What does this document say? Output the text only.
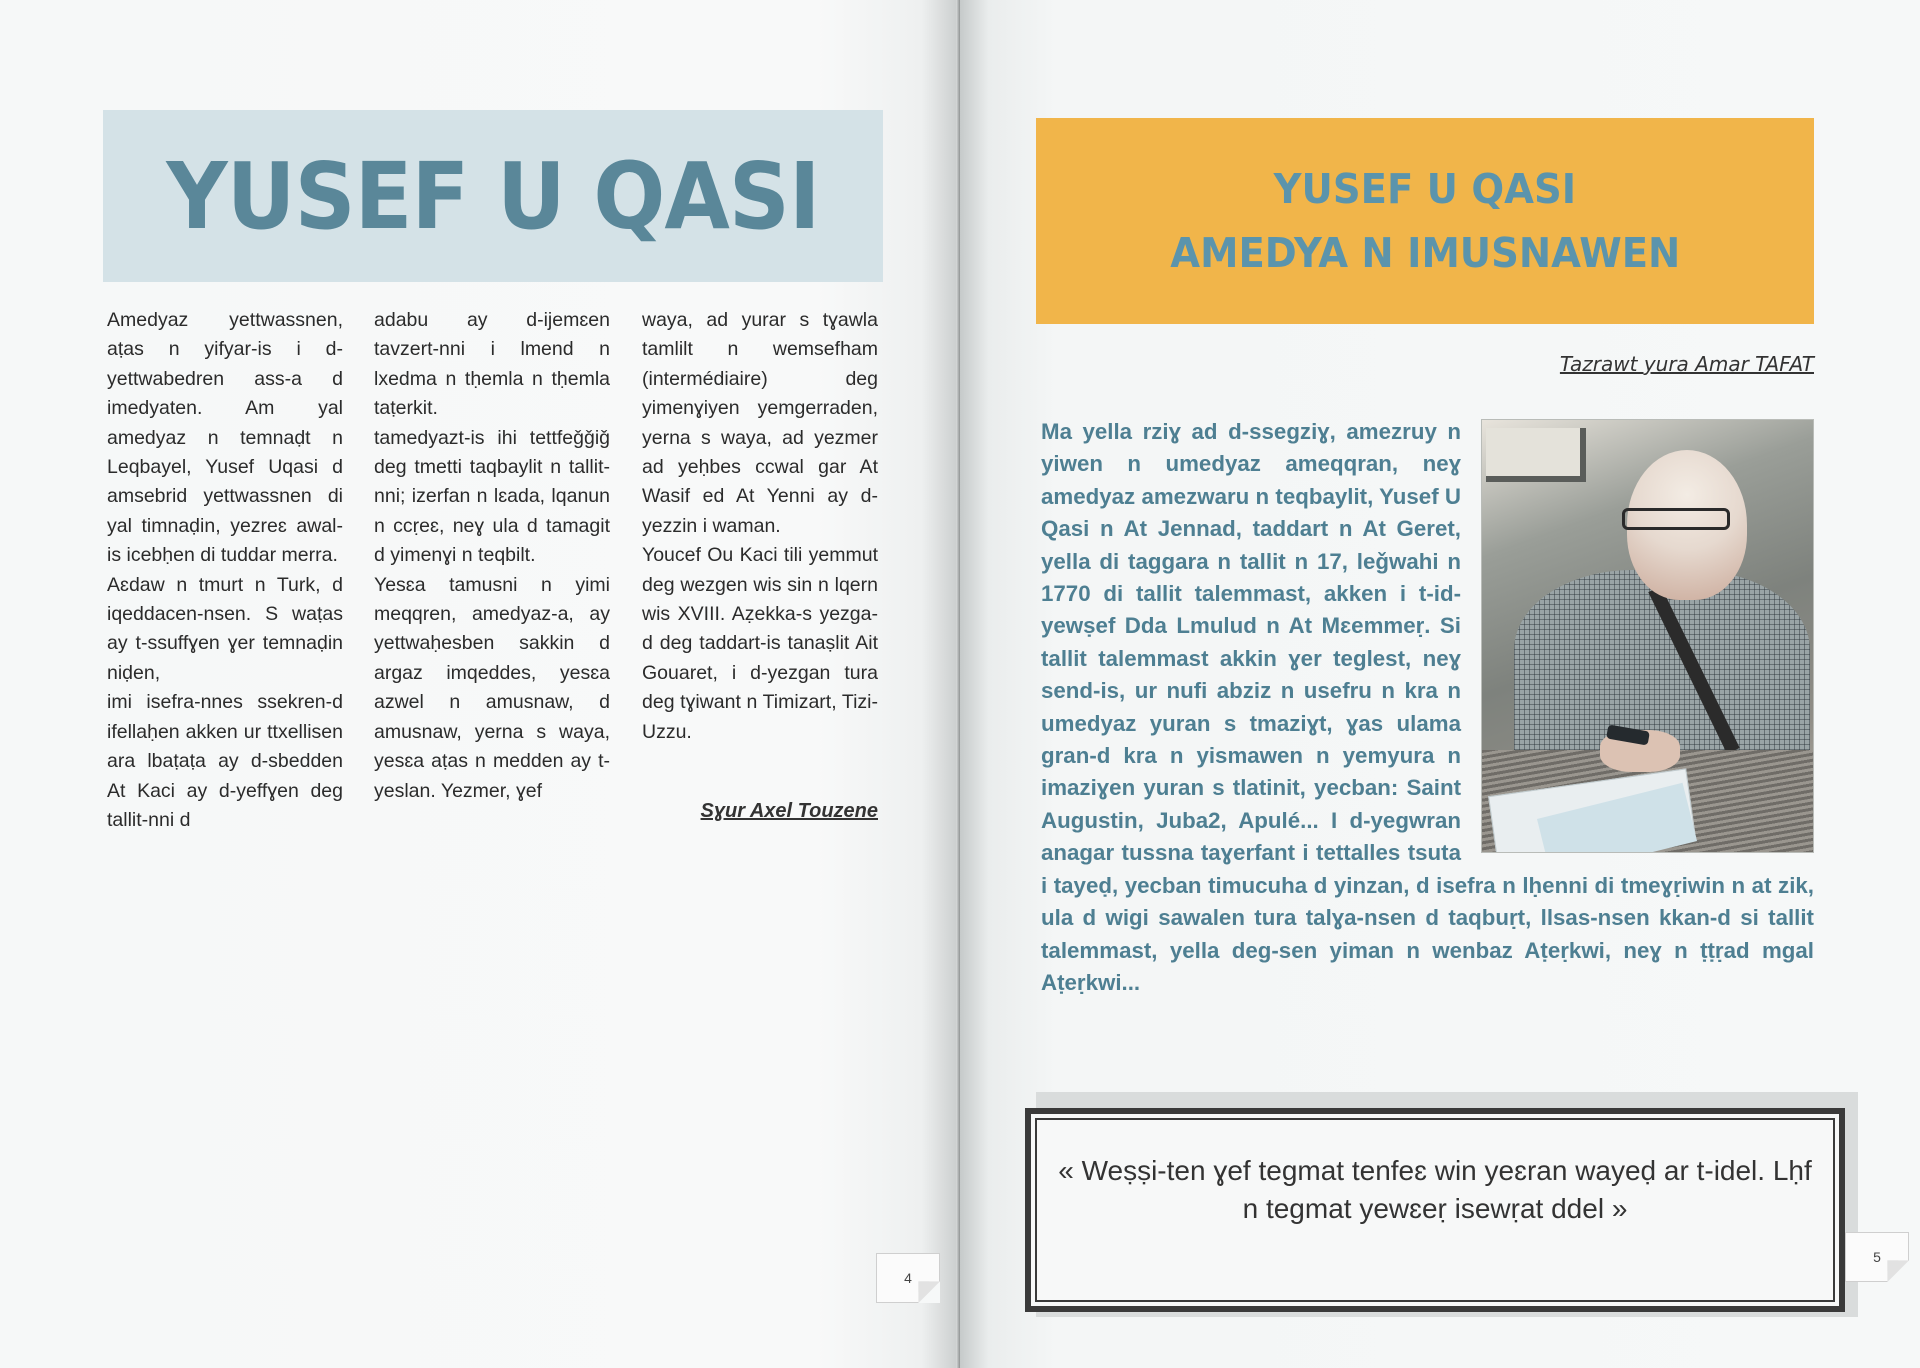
YUSEF U QASI

Amedyaz yettwassnen, aṭas n yifyar-is i d-yettwabedren ass-a d imedyaten. Am yal amedyaz n temnaḍt n Leqbayel, Yusef Uqasi d amsebrid yettwassnen di yal timnaḍin, yezreɛ awal-is icebḥen di tuddar merra.

Aɛdaw n tmurt n Turk, d iqeddacen-nsen. S waṭas ay t-ssuffɣen ɣer temnaḍin niḍen,

imi isefra-nnes ssekren-d ifellaḥen akken ur ttxellisen ara lbaṭaṭa ay d-sbedden At Kaci ay d-yeffɣen deg tallit-nni d

adabu ay d-ijemɛen tavzert-nni i lmend n lxedma n tḥemla n tḥemla taṭerkit.

tamedyazt-is ihi tettfeǧǧiǧ deg tmetti taqbaylit n tallit-nni; izerfan n lɛada, lqanun n ccṛeɛ, neɣ ula d tamagit d yimenɣi n teqbilt.

Yesɛa tamusni n yimi meqqren, amedyaz-a, ay yettwaḥesben sakkin d argaz imqeddes, yesɛa azwel n amusnaw, d amusnaw, yerna s waya, yesɛa aṭas n medden ay t-yeslan. Yezmer, ɣef

waya, ad yurar s tɣawla tamlilt n wemsefham (intermédiaire) deg yimenɣiyen yemgerraden, yerna s waya, ad yezmer ad yeḥbes ccwal gar At Wasif ed At Yenni ay d-yezzin i waman.

Youcef Ou Kaci tili yemmut deg wezgen wis sin n lqern wis XVIII. Aẓekka-s yezga-d deg taddart-is tanaṣlit Ait Gouaret, i d-yezgan tura deg tɣiwant n Timizart, Tizi-Uzzu.

Sɣur Axel Touzene
4
YUSEF U QASI
AMEDYA N IMUSNAWEN
Tazrawt yura Amar TAFAT
Ma yella rziɣ ad d-ssegziɣ, amezruy n yiwen n umedyaz ameqqran, neɣ amedyaz amezwaru n teqbaylit, Yusef U Qasi n At Jennad, taddart n At Geret, yella di taggara n tallit n 17, leǧwahi n 1770 di tallit talemmast, akken i t-id-yewṣef Dda Lmulud n At Mɛemmeṛ. Si tallit talemmast akkin ɣer teglest, neɣ send-is, ur nufi abziz n usefru n kra n umedyaz yuran s tmaziɣt, ɣas ulama gran-d kra n yismawen n yemyura n imaziɣen yuran s tlatinit, yecban: Saint Augustin, Juba2, Apulé... I d-yegwran anagar tussna taɣerfant i tettalles tsuta i tayeḍ, yecban timucuha d yinzan, d isefra n lḥenni di tmeɣṛiwin n at zik, ula d wigi sawalen tura talɣa-nsen d taqbuṛt, llsas-nsen kkan-d si tallit talemmast, yella deg-sen yiman n wenbaz Aṭeṛkwi, neɣ n ṭṭṛad mgal Aṭeṛkwi...
« Weṣṣi-ten ɣef tegmat tenfeɛ win yeɛran wayeḍ ar t-idel. Lḥf n tegmat yewɛeṛ isewṛat ddel »
5
